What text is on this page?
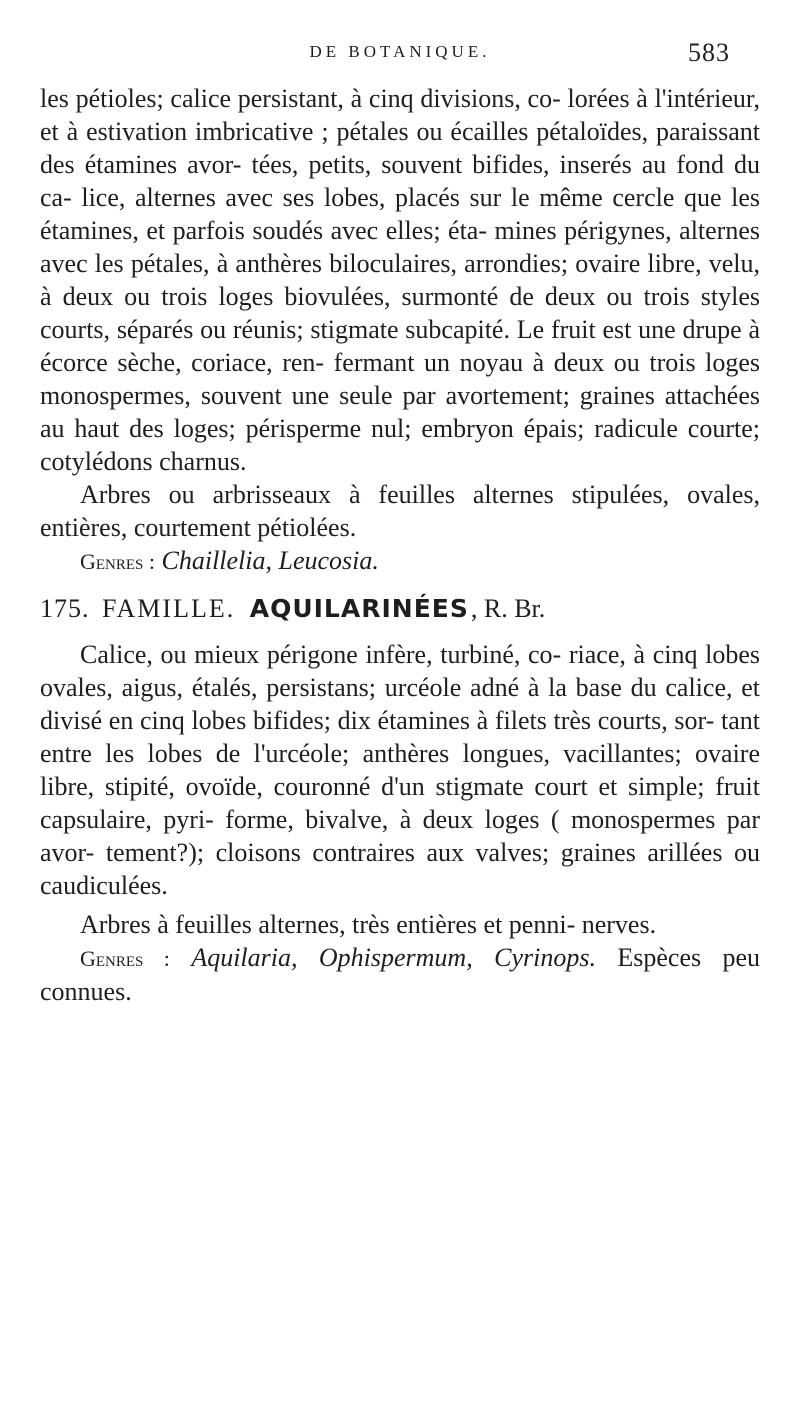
DE BOTANIQUE.	583

les pétioles; calice persistant, à cinq divisions, co- lorées à l'intérieur, et à estivation imbricative ; pétales ou écailles pétaloïdes, paraissant des étamines avor- tées, petits, souvent bifides, inserés au fond du ca- lice, alternes avec ses lobes, placés sur le même cercle que les étamines, et parfois soudés avec elles; éta- mines périgynes, alternes avec les pétales, à anthères biloculaires, arrondies; ovaire libre, velu, à deux ou trois loges biovulées, surmonté de deux ou trois styles courts, séparés ou réunis; stigmate subcapité. Le fruit est une drupe à écorce sèche, coriace, ren- fermant un noyau à deux ou trois loges monospermes, souvent une seule par avortement; graines attachées au haut des loges; périsperme nul; embryon épais; radicule courte; cotylédons charnus.

Arbres ou arbrisseaux à feuilles alternes stipulées, ovales, entières, courtement pétiolées.

Genres : Chaillelia, Leucosia.

175. FAMILLE. AQUILARINÉES, R. Br.

Calice, ou mieux périgone infère, turbiné, co- riace, à cinq lobes ovales, aigus, étalés, persistans; urcéole adné à la base du calice, et divisé en cinq lobes bifides; dix étamines à filets très courts, sor- tant entre les lobes de l'urcéole; anthères longues, vacillantes; ovaire libre, stipité, ovoïde, couronné d'un stigmate court et simple; fruit capsulaire, pyri- forme, bivalve, à deux loges ( monospermes par avor- tement?); cloisons contraires aux valves; graines arillées ou caudiculées.

Arbres à feuilles alternes, très entières et penni- nerves.

Genres : Aquilaria, Ophispermum, Cyrinops. Espèces peu connues.
